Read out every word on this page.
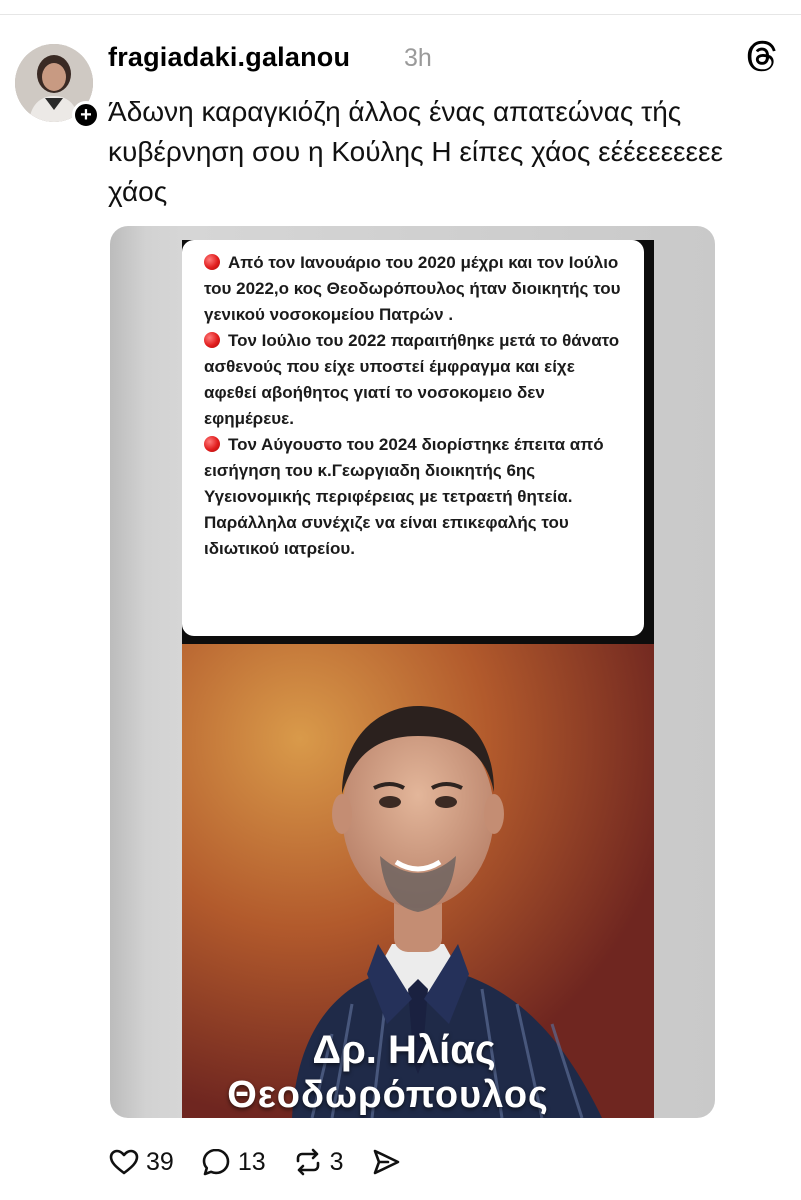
+
fragiadaki.galanou 3h
Άδωνη καραγκιόζη άλλος ένας απατεώνας τής κυβέρνηση σου η Κούλης Η είπες χάος εέέεεεεεεε χάος

Από τον Ιανουάριο του 2020 μέχρι και τον Ιούλιο του 2022,ο κος Θεοδωρόπουλος ήταν διοικητής του γενικού νοσοκομείου Πατρών .

Τον Ιούλιο του 2022 παραιτήθηκε μετά το θάνατο ασθενούς που είχε υποστεί έμφραγμα και είχε αφεθεί αβοήθητος γιατί το νοσοκομειο δεν εφημέρευε.

Τον Αύγουστο του 2024 διορίστηκε έπειτα από εισήγηση του κ.Γεωργιαδη διοικητής 6ης Υγειονομικής περιφέρειας με τετραετή θητεία.

Παράλληλα συνέχιζε να είναι επικεφαλής του ιδιωτικού ιατρείου.

Δρ. Ηλίας
Θεοδωρόπουλος
39	13	3
